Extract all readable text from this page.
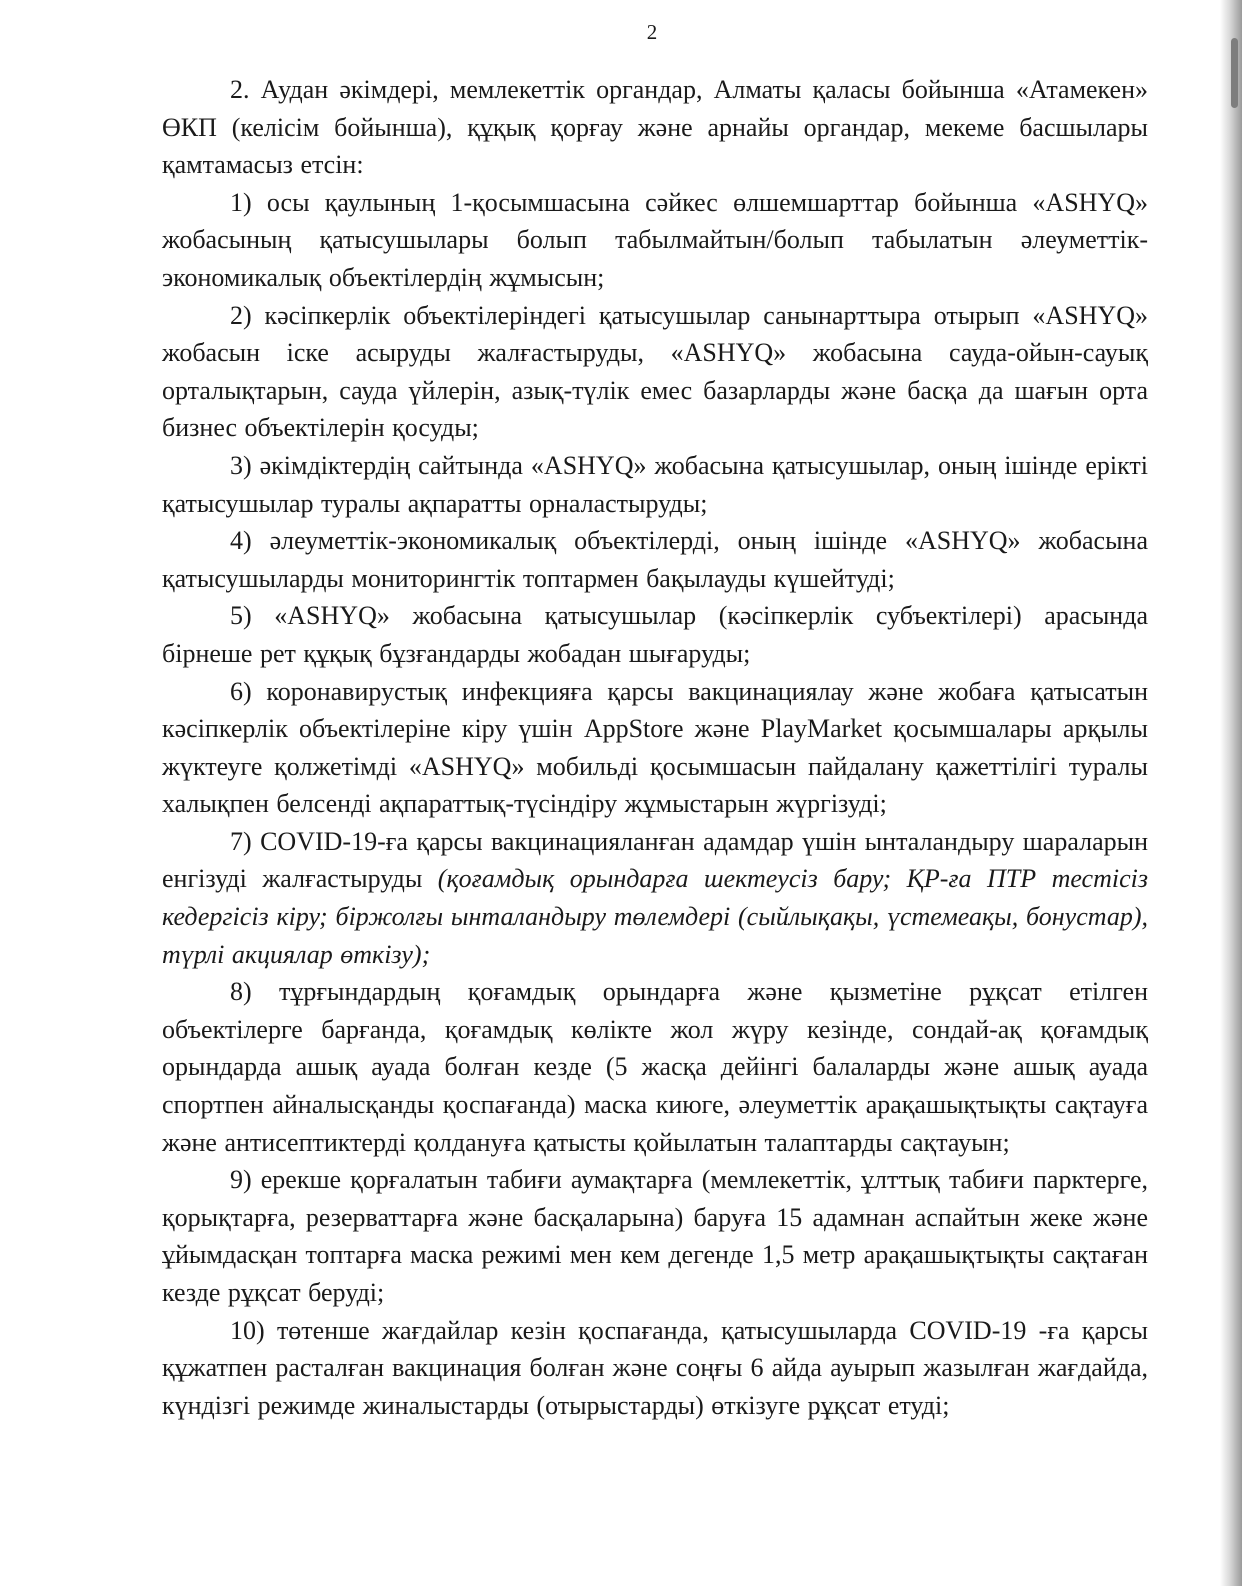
2

2. Аудан әкімдері, мемлекеттік органдар, Алматы қаласы бойынша «Атамекен» ӨКП (келісім бойынша), құқық қорғау және арнайы органдар, мекеме басшылары қамтамасыз етсін:

1) осы қаулының 1-қосымшасына сәйкес өлшемшарттар бойынша «ASHYQ» жобасының қатысушылары болып табылмайтын/болып табылатын әлеуметтік-экономикалық объектілердің жұмысын;

2) кәсіпкерлік объектілеріндегі қатысушылар санынарттыра отырып «ASHYQ» жобасын іске асыруды жалғастыруды, «ASHYQ» жобасына сауда-ойын-сауық орталықтарын, сауда үйлерін, азық-түлік емес базарларды және басқа да шағын орта бизнес объектілерін қосуды;

3) әкімдіктердің сайтында «ASHYQ» жобасына қатысушылар, оның ішінде ерікті қатысушылар туралы ақпаратты орналастыруды;

4) әлеуметтік-экономикалық объектілерді, оның ішінде «ASHYQ» жобасына қатысушыларды мониторингтік топтармен бақылауды күшейтуді;

5) «ASHYQ» жобасына қатысушылар (кәсіпкерлік субъектілері) арасында бірнеше рет құқық бұзғандарды жобадан шығаруды;

6) коронавирустық инфекцияға қарсы вакцинациялау және жобаға қатысатын кәсіпкерлік объектілеріне кіру үшін AppStore және PlayMarket қосымшалары арқылы жүктеуге қолжетімді «ASHYQ» мобильді қосымшасын пайдалану қажеттілігі туралы халықпен белсенді ақпараттық-түсіндіру жұмыстарын жүргізуді;

7) COVID-19-ға қарсы вакцинацияланған адамдар үшін ынталандыру шараларын енгізуді жалғастыруды (қоғамдық орындарға шектеусіз бару; ҚР-ға ПТР тестісіз кедергісіз кіру; біржолғы ынталандыру төлемдері (сыйлықақы, үстемеақы, бонустар), түрлі акциялар өткізу);

8) тұрғындардың қоғамдық орындарға және қызметіне рұқсат етілген объектілерге барғанда, қоғамдық көлікте жол жүру кезінде, сондай-ақ қоғамдық орындарда ашық ауада болған кезде (5 жасқа дейінгі балаларды және ашық ауада спортпен айналысқанды қоспағанда) маска киюге, әлеуметтік арақашықтықты сақтауға және антисептиктерді қолдануға қатысты қойылатын талаптарды сақтауын;

9) ерекше қорғалатын табиғи аумақтарға (мемлекеттік, ұлттық табиғи парктерге, қорықтарға, резерваттарға және басқаларына) баруға 15 адамнан аспайтын жеке және ұйымдасқан топтарға маска режимі мен кем дегенде 1,5 метр арақашықтықты сақтаған кезде рұқсат беруді;

10) төтенше жағдайлар кезін қоспағанда, қатысушыларда COVID-19 -ға қарсы құжатпен расталған вакцинация болған және соңғы 6 айда ауырып жазылған жағдайда, күндізгі режимде жиналыстарды (отырыстарды) өткізуге рұқсат етуді;
